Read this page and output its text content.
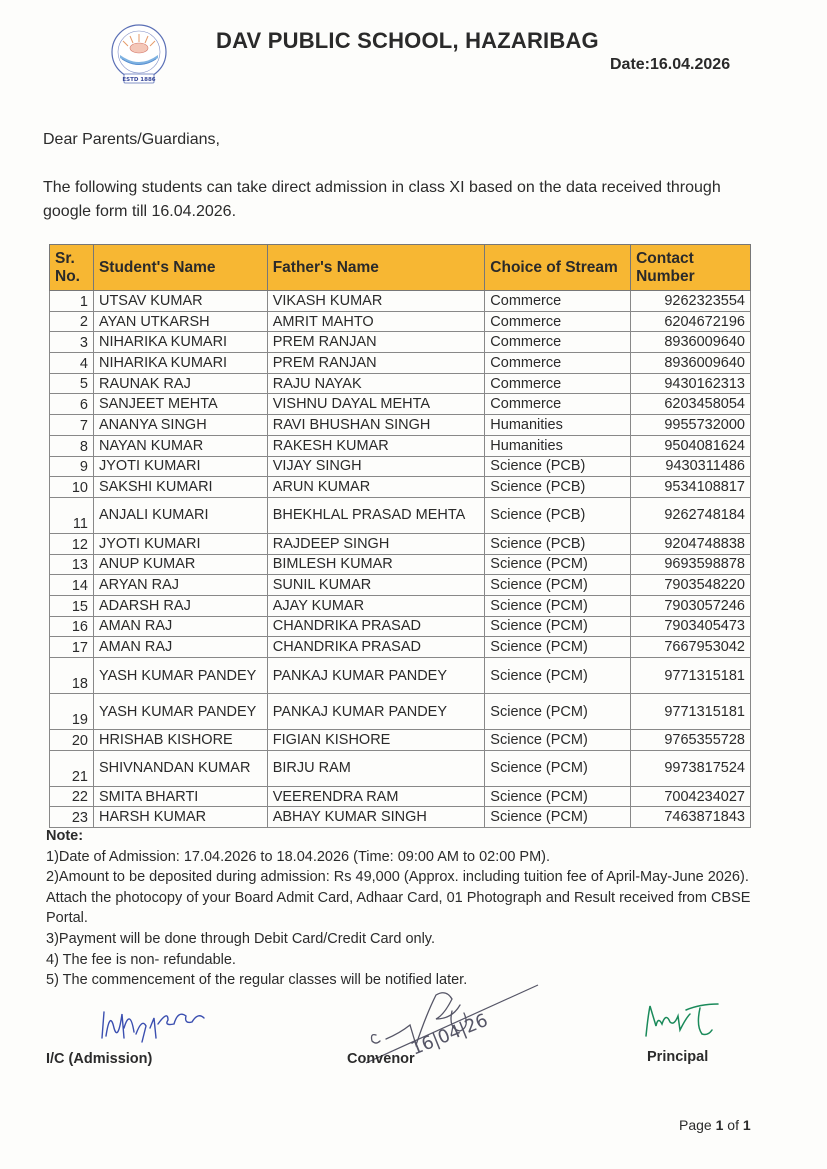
ESTD 1886
DAV PUBLIC SCHOOL, HAZARIBAG
Date:16.04.2026
Dear Parents/Guardians,
The following students can take direct admission in class XI based on the data received through google form till 16.04.2026.
Sr. No.	Student's Name	Father's Name	Choice of Stream	Contact Number
1	UTSAV KUMAR	VIKASH KUMAR	Commerce	9262323554
2	AYAN UTKARSH	AMRIT MAHTO	Commerce	6204672196
3	NIHARIKA KUMARI	PREM RANJAN	Commerce	8936009640
4	NIHARIKA KUMARI	PREM RANJAN	Commerce	8936009640
5	RAUNAK RAJ	RAJU NAYAK	Commerce	9430162313
6	SANJEET MEHTA	VISHNU DAYAL MEHTA	Commerce	6203458054
7	ANANYA SINGH	RAVI BHUSHAN SINGH	Humanities	9955732000
8	NAYAN KUMAR	RAKESH KUMAR	Humanities	9504081624
9	JYOTI KUMARI	VIJAY SINGH	Science (PCB)	9430311486
10	SAKSHI KUMARI	ARUN KUMAR	Science (PCB)	9534108817
11	ANJALI KUMARI	BHEKHLAL PRASAD MEHTA	Science (PCB)	9262748184
12	JYOTI KUMARI	RAJDEEP SINGH	Science (PCB)	9204748838
13	ANUP KUMAR	BIMLESH KUMAR	Science (PCM)	9693598878
14	ARYAN RAJ	SUNIL KUMAR	Science (PCM)	7903548220
15	ADARSH RAJ	AJAY KUMAR	Science (PCM)	7903057246
16	AMAN RAJ	CHANDRIKA PRASAD	Science (PCM)	7903405473
17	AMAN RAJ	CHANDRIKA PRASAD	Science (PCM)	7667953042
18	YASH KUMAR PANDEY	PANKAJ KUMAR PANDEY	Science (PCM)	9771315181
19	YASH KUMAR PANDEY	PANKAJ KUMAR PANDEY	Science (PCM)	9771315181
20	HRISHAB KISHORE	FIGIAN KISHORE	Science (PCM)	9765355728
21	SHIVNANDAN KUMAR	BIRJU RAM	Science (PCM)	9973817524
22	SMITA BHARTI	VEERENDRA RAM	Science (PCM)	7004234027
23	HARSH KUMAR	ABHAY KUMAR SINGH	Science (PCM)	7463871843
Note:
1)Date of Admission: 17.04.2026 to 18.04.2026 (Time: 09:00 AM to 02:00 PM).
2)Amount to be deposited during admission: Rs 49,000 (Approx. including tuition fee of April-May-June 2026). Attach the photocopy of your Board Admit Card, Adhaar Card, 01 Photograph and Result received from CBSE Portal.
3)Payment will be done through Debit Card/Credit Card only.
4) The fee is non- refundable.
5) The commencement of the regular classes will be notified later.
I/C (Admission)	16|04|26
Convenor	Principal
Page 1 of 1
